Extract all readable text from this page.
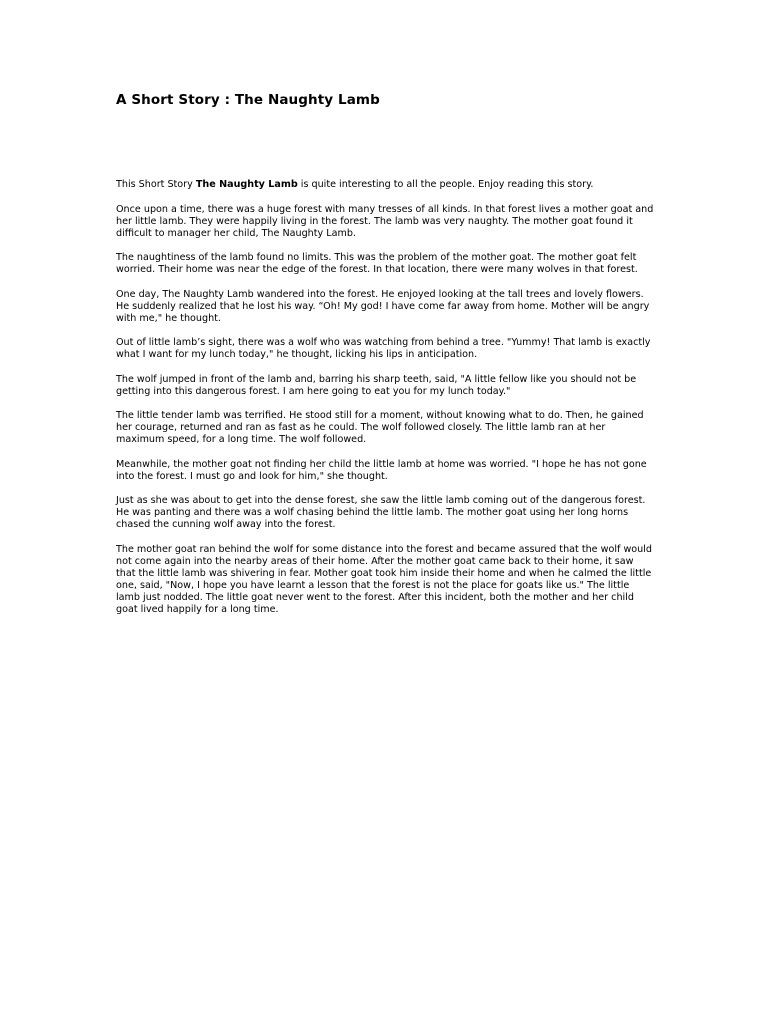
A Short Story : The Naughty Lamb

This Short Story The Naughty Lamb is quite interesting to all the people. Enjoy reading this story.

Once upon a time, there was a huge forest with many tresses of all kinds. In that forest lives a mother goat and her little lamb. They were happily living in the forest. The lamb was very naughty. The mother goat found it difficult to manager her child, The Naughty Lamb.

The naughtiness of the lamb found no limits. This was the problem of the mother goat. The mother goat felt worried. Their home was near the edge of the forest. In that location, there were many wolves in that forest.

One day, The Naughty Lamb wandered into the forest. He enjoyed looking at the tall trees and lovely flowers. He suddenly realized that he lost his way. “Oh! My god! I have come far away from home. Mother will be angry with me," he thought.

Out of little lamb’s sight, there was a wolf who was watching from behind a tree. "Yummy! That lamb is exactly what I want for my lunch today," he thought, licking his lips in anticipation.

The wolf jumped in front of the lamb and, barring his sharp teeth, said, "A little fellow like you should not be getting into this dangerous forest. I am here going to eat you for my lunch today."

The little tender lamb was terrified. He stood still for a moment, without knowing what to do. Then, he gained her courage, returned and ran as fast as he could. The wolf followed closely. The little lamb ran at her maximum speed, for a long time. The wolf followed.

Meanwhile, the mother goat not finding her child the little lamb at home was worried. "I hope he has not gone into the forest. I must go and look for him," she thought.

Just as she was about to get into the dense forest, she saw the little lamb coming out of the dangerous forest. He was panting and there was a wolf chasing behind the little lamb. The mother goat using her long horns chased the cunning wolf away into the forest.

The mother goat ran behind the wolf for some distance into the forest and became assured that the wolf would not come again into the nearby areas of their home. After the mother goat came back to their home, it saw that the little lamb was shivering in fear. Mother goat took him inside their home and when he calmed the little one, said, "Now, I hope you have learnt a lesson that the forest is not the place for goats like us." The little lamb just nodded. The little goat never went to the forest. After this incident, both the mother and her child goat lived happily for a long time.
